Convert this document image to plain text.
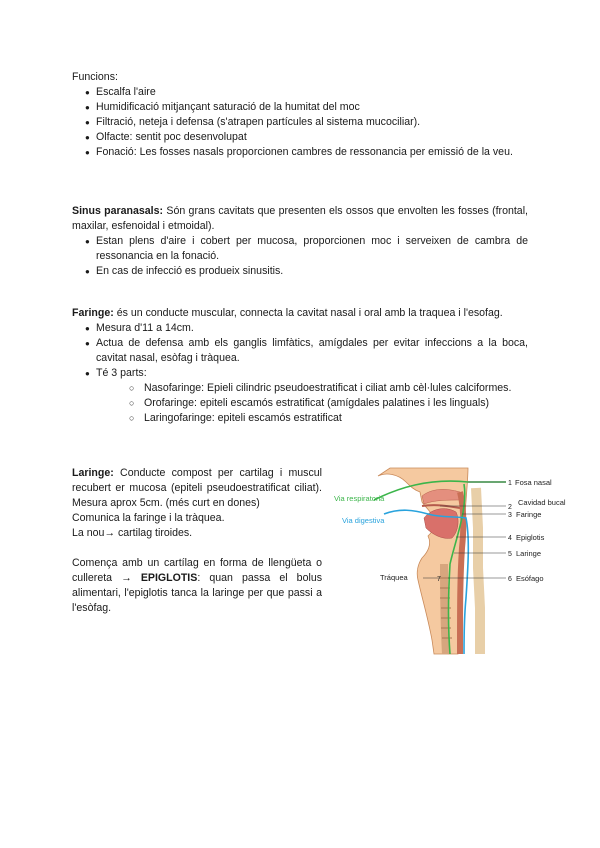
Funcions:

● Escalfa l'aire
● Humidificació mitjançant saturació de la humitat del moc
● Filtració, neteja i defensa (s'atrapen partícules al sistema mucociliar).
● Olfacte: sentit poc desenvolupat
● Fonació: Les fosses nasals proporcionen cambres de ressonancia per emissió de la veu.

Sinus paranasals: Són grans cavitats que presenten els ossos que envolten les fosses (frontal, maxilar, esfenoidal i etmoidal).

● Estan plens d'aire i cobert per mucosa, proporcionen moc i serveixen de cambra de ressonancia en la fonació.
● En cas de infecció es produeix sinusitis.

Faringe: és un conducte muscular, connecta la cavitat nasal i oral amb la traquea i l'esofag.

● Mesura d'11 a 14cm.
● Actua de defensa amb els ganglis limfàtics, amígdales per evitar infeccions a la boca, cavitat nasal, esòfag i tràquea.
● Té 3 parts:
○ Nasofaringe: Epieli cilindric pseudoestratificat i ciliat amb cèl·lules calciformes.
○ Orofaringe: epiteli escamós estratificat (amígdales palatines i les linguals)
○ Laringofaringe: epiteli escamós estratificat

Laringe: Conducte compost per cartilag i muscul recubert er mucosa (epiteli pseudoestratificat ciliat). Mesura aprox 5cm. (més curt en dones)

Comunica la faringe i la tràquea.

La nou→ cartilag tiroides.

Comença amb un cartílag en forma de llengüeta o cullereta → EPIGLOTIS: quan passa el bolus alimentari, l'epiglotis tanca la laringe per que passi a l'esòfag.

Via respiratoria
Via digestiva
Tráquea
1 Fosa nasal
2
Cavidad bucal
3 Faringe
4 Epiglotis
5 Laringe
6 Esófago
7
